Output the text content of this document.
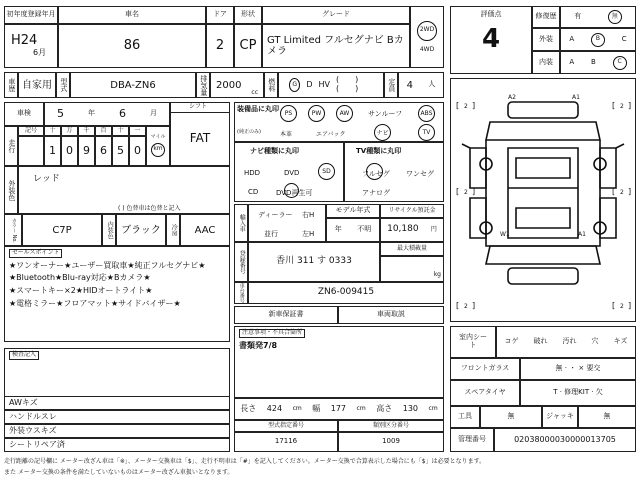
初年度登録年月	車名	ドア	形状	グレード
2WD
4WD
H24
6月	86	2	CP	GT Limited フルセグナビ Bカメラ
車歴 自家用	型式	DBA-ZN6	排気量 2000
cc
燃料	G	D HV (　　)　　(　　)	定員 4 人
車検	5	年 6	月
シフト
FAT
走行
記号	十	万	千	百	十	一
1 0 9 6 5 0
マイル
km
外装色
レッド
( ) 色替車は色替と記入
カラー No.	C7P	内装色 ブラック	冷房	AAC
セールスポイント
★ワンオーナー★ユーザー買取車★純正フルセグナビ★
★Bluetooth★Blu-ray対応★Bカメラ★
★スマートキー×2★HIDオートライト★
★電格ミラー★フロアマット★サイドバイザー★
検査記入
AWキズ
ハンドルスレ
外装ウスキズ
シートリペア済
装備品に丸印
(純正のみ)
PS	PW	AW	サンルーフ	ABS
本革	エアバック	ナビ	TV
ナビ種類に丸印
HDD	DVD	SD
CD	DVD再生可
TV種類に丸印
フルセグ ワンセグ
アナログ
輸入車	ディーラー
並行
右H
左H
モデル年式
年 不明
リサイクル預託金
10,180 円
登録番号	香川 311 す 0333
最大積載量
kg
車台番号	ZN6-009415
新車保証書	車両取説
注意事項・不具合箇所
書類発7/8
長さ 424 cm 幅 177 cm 高さ 130 cm
型式指定番号	類別区分番号
17116	1009
評価点
4
修復歴	有	無
外装	A	B	C
内装	A B	C
A2	A1
W1	A1
[ 2 ]	[ 2 ]
[ 2 ]	[ 2 ]
[ 2 ]	[ 2 ]
室内シート	コゲ 破れ 汚れ 穴 キズ
フロントガラス	無 · ・ × 要交
スペアタイヤ	T · 修理KIT · 欠
工具	無	ジャッキ	無
管理番号	02038000030000013705
走行距離の記号欄に メーター改ざん車は「※」、メーター交換車は「$」、走行不明車は「#」を記入してください。メーター交換で合算表示した場合にも「$」は必要となります。
また メーター交換の条件を満たしていないものはメーター改ざん車扱いとなります。
